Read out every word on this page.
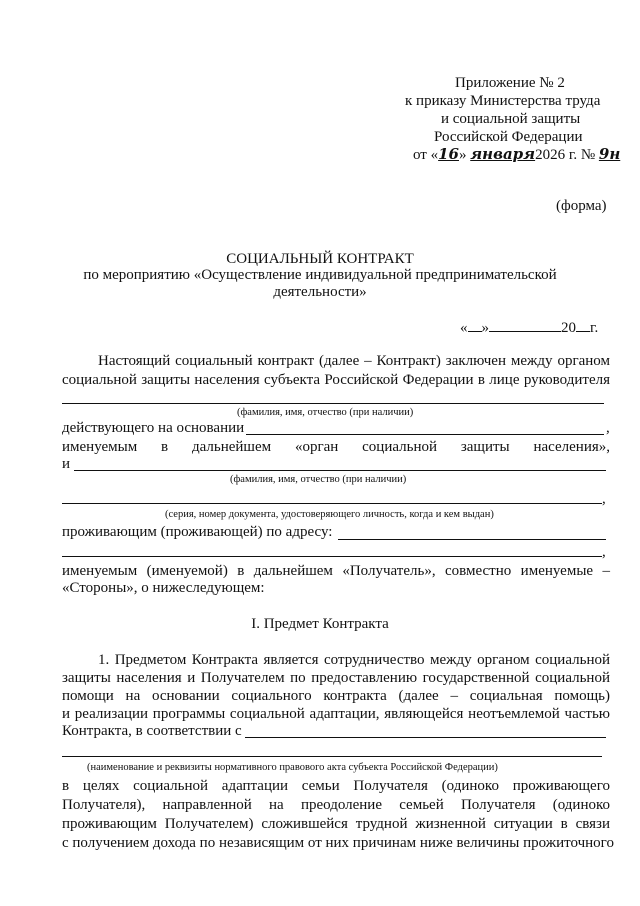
Приложение № 2
к приказу Министерства труда
и социальной защиты
Российской Федерации
от «16» января2026 г. № 9н
(форма)
СОЦИАЛЬНЫЙ КОНТРАКТ
по мероприятию «Осуществление индивидуальной предпринимательской
деятельности»
« »	20 г.
Настоящий социальный контракт (далее – Контракт) заключен между органом
социальной защиты населения субъекта Российской Федерации в лице руководителя
(фамилия, имя, отчество (при наличии)
действующего на основании	,
именуемым в дальнейшем «орган социальной защиты населения»,
и
(фамилия, имя, отчество (при наличии)
,
(серия, номер документа, удостоверяющего личность, когда и кем выдан)
проживающим (проживающей) по адресу:
,
именуемым (именуемой) в дальнейшем «Получатель», совместно именуемые –
«Стороны», о нижеследующем:
I. Предмет Контракта
1. Предметом Контракта является сотрудничество между органом социальной
защиты населения и Получателем по предоставлению государственной социальной
помощи на основании социального контракта (далее – социальная помощь)
и реализации программы социальной адаптации, являющейся неотъемлемой частью
Контракта, в соответствии с
(наименование и реквизиты нормативного правового акта субъекта Российской Федерации)
в целях социальной адаптации семьи Получателя (одиноко проживающего
Получателя), направленной на преодоление семьей Получателя (одиноко
проживающим Получателем) сложившейся трудной жизненной ситуации в связи
с получением дохода по независящим от них причинам ниже величины прожиточного
